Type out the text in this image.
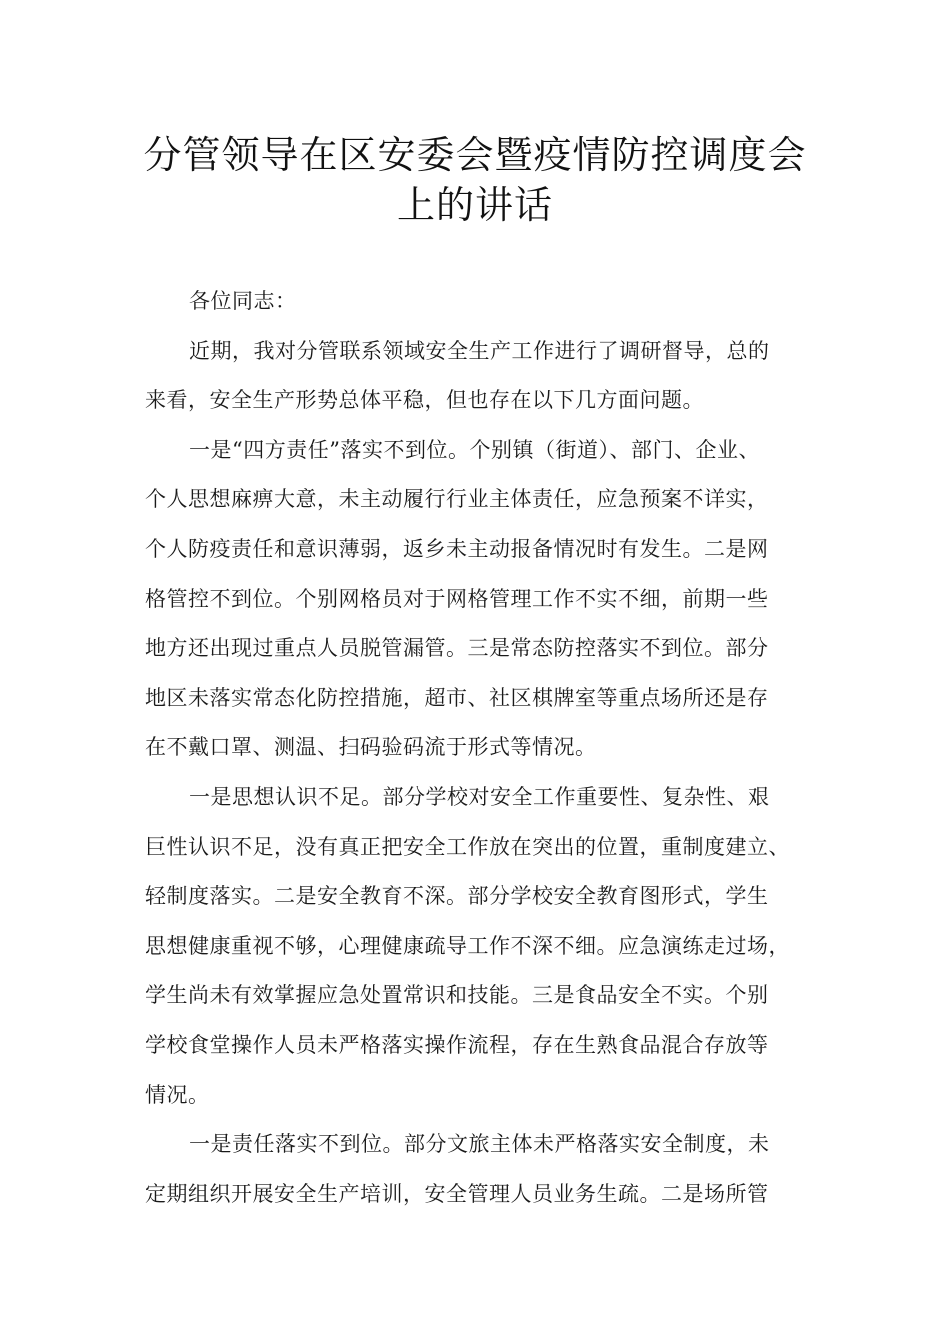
分管领导在区安委会暨疫情防控调度会
上的讲话
各位同志：
近期，我对分管联系领域安全生产工作进行了调研督导，总的
来看，安全生产形势总体平稳，但也存在以下几方面问题。
一是“四方责任”落实不到位。个别镇（街道）、部门、企业、
个人思想麻痹大意，未主动履行行业主体责任，应急预案不详实，
个人防疫责任和意识薄弱，返乡未主动报备情况时有发生。二是网
格管控不到位。个别网格员对于网格管理工作不实不细，前期一些
地方还出现过重点人员脱管漏管。三是常态防控落实不到位。部分
地区未落实常态化防控措施，超市、社区棋牌室等重点场所还是存
在不戴口罩、测温、扫码验码流于形式等情况。
一是思想认识不足。部分学校对安全工作重要性、复杂性、艰
巨性认识不足，没有真正把安全工作放在突出的位置，重制度建立、
轻制度落实。二是安全教育不深。部分学校安全教育图形式，学生
思想健康重视不够，心理健康疏导工作不深不细。应急演练走过场，
学生尚未有效掌握应急处置常识和技能。三是食品安全不实。个别
学校食堂操作人员未严格落实操作流程，存在生熟食品混合存放等
情况。
一是责任落实不到位。部分文旅主体未严格落实安全制度，未
定期组织开展安全生产培训，安全管理人员业务生疏。二是场所管
